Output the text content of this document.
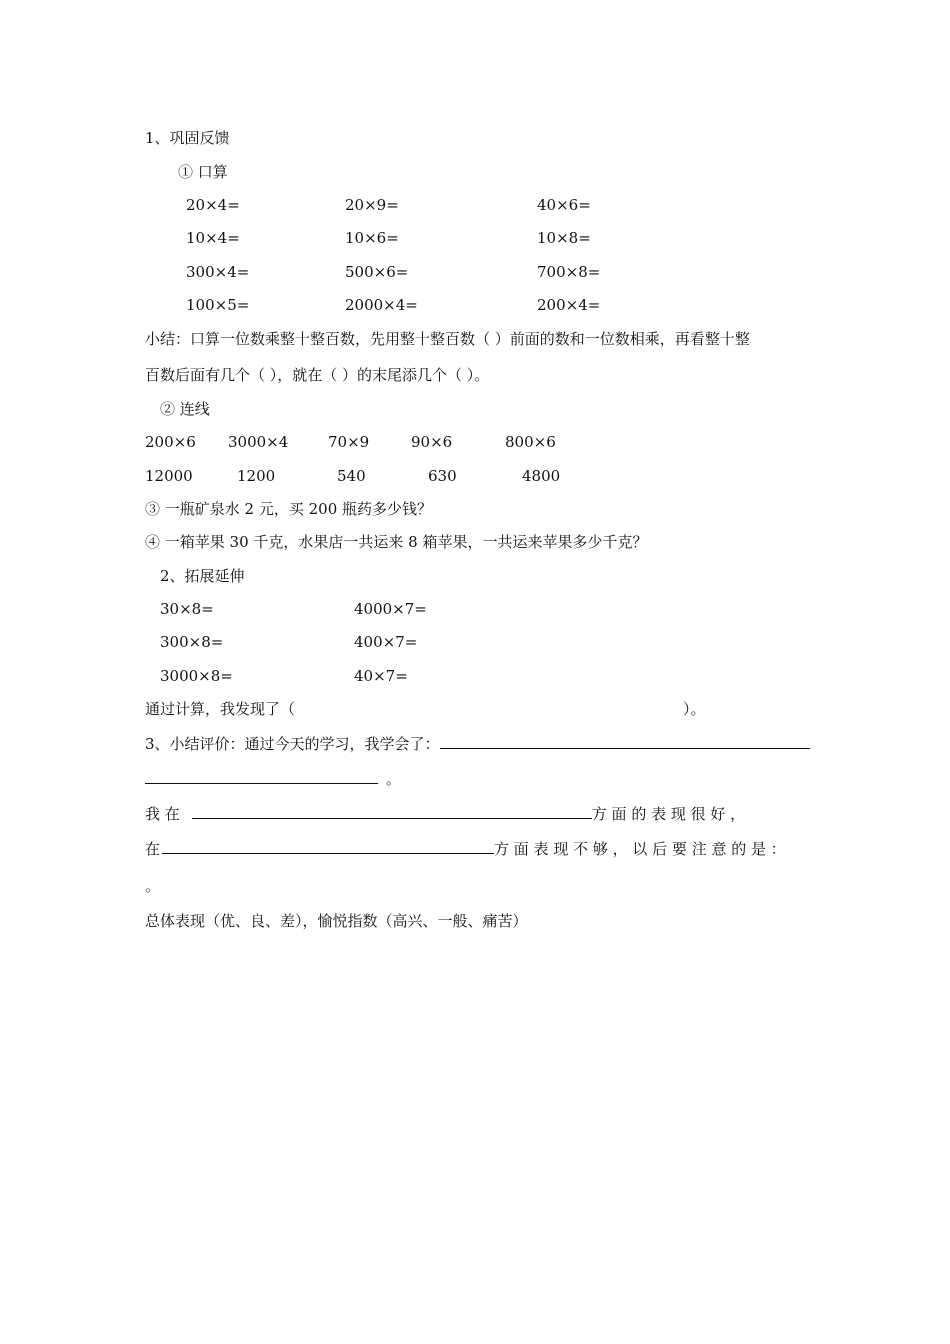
1、巩固反馈
① 口算
20×4=	20×9=	40×6=
10×4=	10×6=	10×8=
300×4=	500×6=	700×8=
100×5=	2000×4=	200×4=
小结：口算一位数乘整十整百数，先用整十整百数（ ）前面的数和一位数相乘，再看整十整
百数后面有几个（ ），就在（ ）的末尾添几个（ ）。
② 连线
200×6 3000×4	70×9	90×6	800×6
12000	1200	540	630	4800
③ 一瓶矿泉水 2 元，买 200 瓶药多少钱？
④ 一箱苹果 30 千克，水果店一共运来 8 箱苹果，一共运来苹果多少千克？
2、拓展延伸
30×8=	4000×7=
300×8=	400×7=
3000×8=	40×7=
通过计算，我发现了（	）。
3、小结评价：通过今天的学习，我学会了：
。
我 在	方 面 的 表 现 很 好 ，
在	方 面 表 现 不 够 ， 以 后 要 注 意 的 是 ：
。
总体表现（优、良、差），愉悦指数（高兴、一般、痛苦）
